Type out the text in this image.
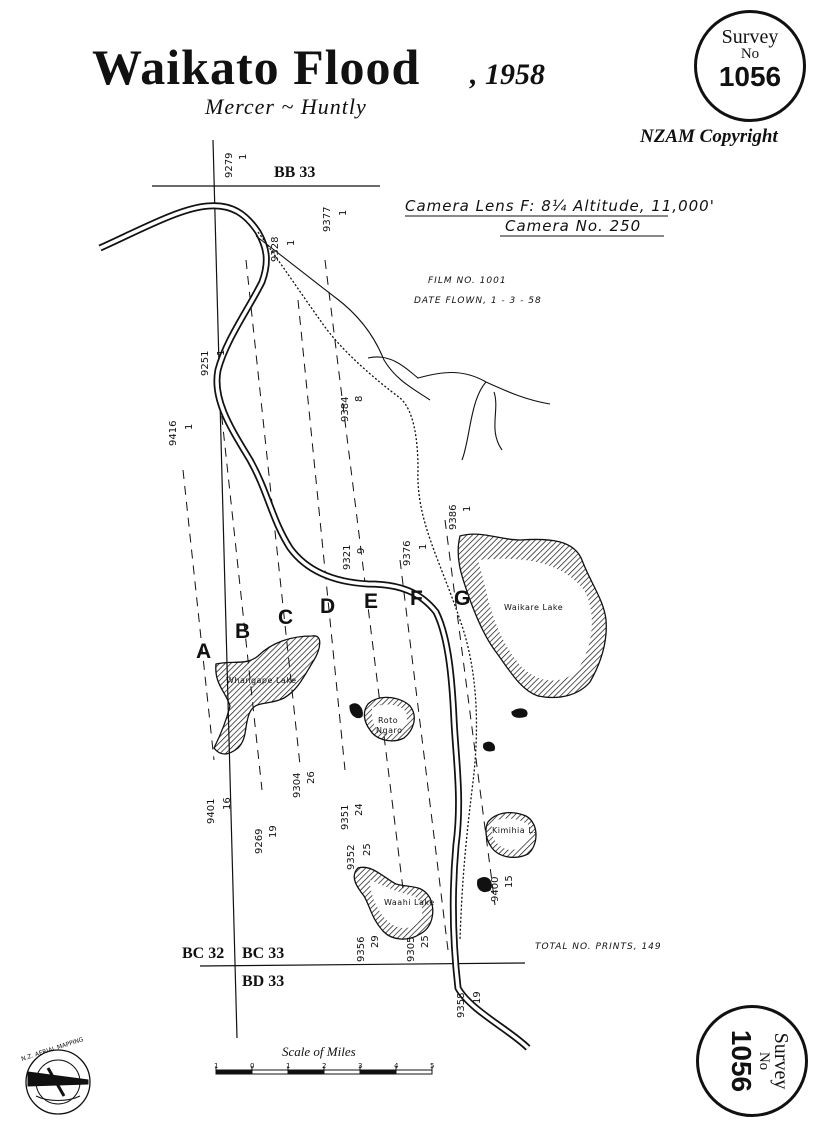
Waikato Flood , 1958
Mercer ~ Huntly
NZAM Copyright
Survey
No
1056
Survey
No
1056
Camera Lens F: 8¼ Altitude, 11,000'
Camera No. 250
FILM NO. 1001
DATE FLOWN, 1 - 3 - 58
TOTAL NO. PRINTS, 149
BB 33
BC 32 BC 33
BD 33
A
B
C D E F G
Whangape Lake
Waikare Lake
Roto
Ngaro
Kimihia L.
Waahi Lake
9279 1
9328 1
9377 1
9251 1
9384 8
9416 1
9386 1
9321 9	9376 1
9304 26
9401 16
9269 19
9351 24
9352 25
9356 29	9305 25
9358 19
9400 15
Scale of Miles
1	0	1	2	3	4	5
N.Z. AERIAL MAPPING
